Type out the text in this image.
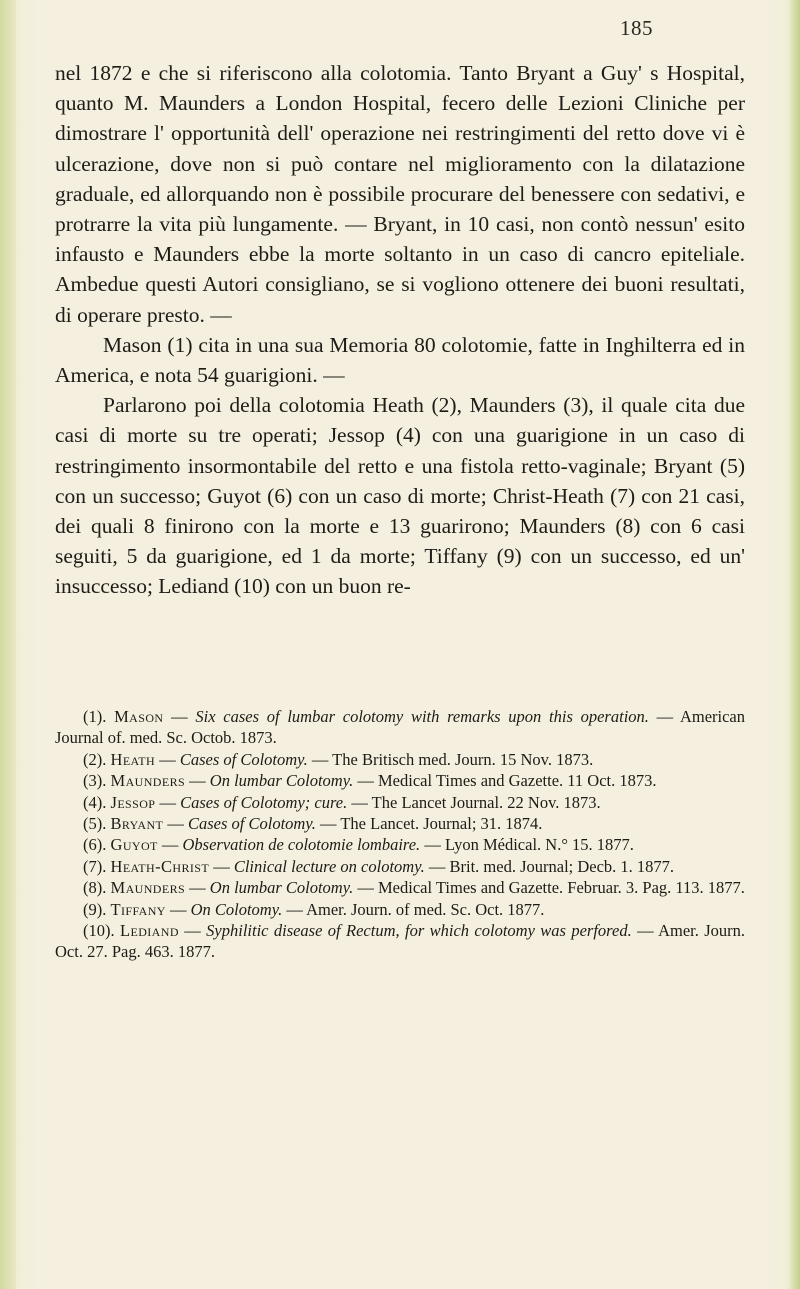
185

nel 1872 e che si riferiscono alla colotomia. Tanto Bryant a Guy' s Hospital, quanto M. Maunders a London Hospital, fecero delle Lezioni Cliniche per dimostrare l' opportunità dell' operazione nei restringimenti del retto dove vi è ulcerazione, dove non si può contare nel miglioramento con la dilatazione graduale, ed allorquando non è possibile procurare del benessere con sedativi, e protrarre la vita più lungamente. — Bryant, in 10 casi, non contò nessun' esito infausto e Maunders ebbe la morte soltanto in un caso di cancro epiteliale. Ambedue questi Autori consigliano, se si vogliono ottenere dei buoni resultati, di operare presto. —

Mason (1) cita in una sua Memoria 80 colotomie, fatte in Inghilterra ed in America, e nota 54 guarigioni. —

Parlarono poi della colotomia Heath (2), Maunders (3), il quale cita due casi di morte su tre operati; Jessop (4) con una guarigione in un caso di restringimento insormontabile del retto e una fistola retto-vaginale; Bryant (5) con un successo; Guyot (6) con un caso di morte; Christ-Heath (7) con 21 casi, dei quali 8 finirono con la morte e 13 guarirono; Maunders (8) con 6 casi seguiti, 5 da guarigione, ed 1 da morte; Tiffany (9) con un successo, ed un' insuccesso; Lediand (10) con un buon re-

(1). Mason — Six cases of lumbar colotomy with remarks upon this operation. — American Journal of. med. Sc. Octob. 1873.

(2). Heath — Cases of Colotomy. — The Britisch med. Journ. 15 Nov. 1873.

(3). Maunders — On lumbar Colotomy. — Medical Times and Gazette. 11 Oct. 1873.

(4). Jessop — Cases of Colotomy; cure. — The Lancet Journal. 22 Nov. 1873.

(5). Bryant — Cases of Colotomy. — The Lancet. Journal; 31. 1874.

(6). Guyot — Observation de colotomie lombaire. — Lyon Médical. N.° 15. 1877.

(7). Heath-Christ — Clinical lecture on colotomy. — Brit. med. Journal; Decb. 1. 1877.

(8). Maunders — On lumbar Colotomy. — Medical Times and Gazette. Februar. 3. Pag. 113. 1877.

(9). Tiffany — On Colotomy. — Amer. Journ. of med. Sc. Oct. 1877.

(10). Lediand — Syphilitic disease of Rectum, for which colotomy was perfored. — Amer. Journ. Oct. 27. Pag. 463. 1877.
